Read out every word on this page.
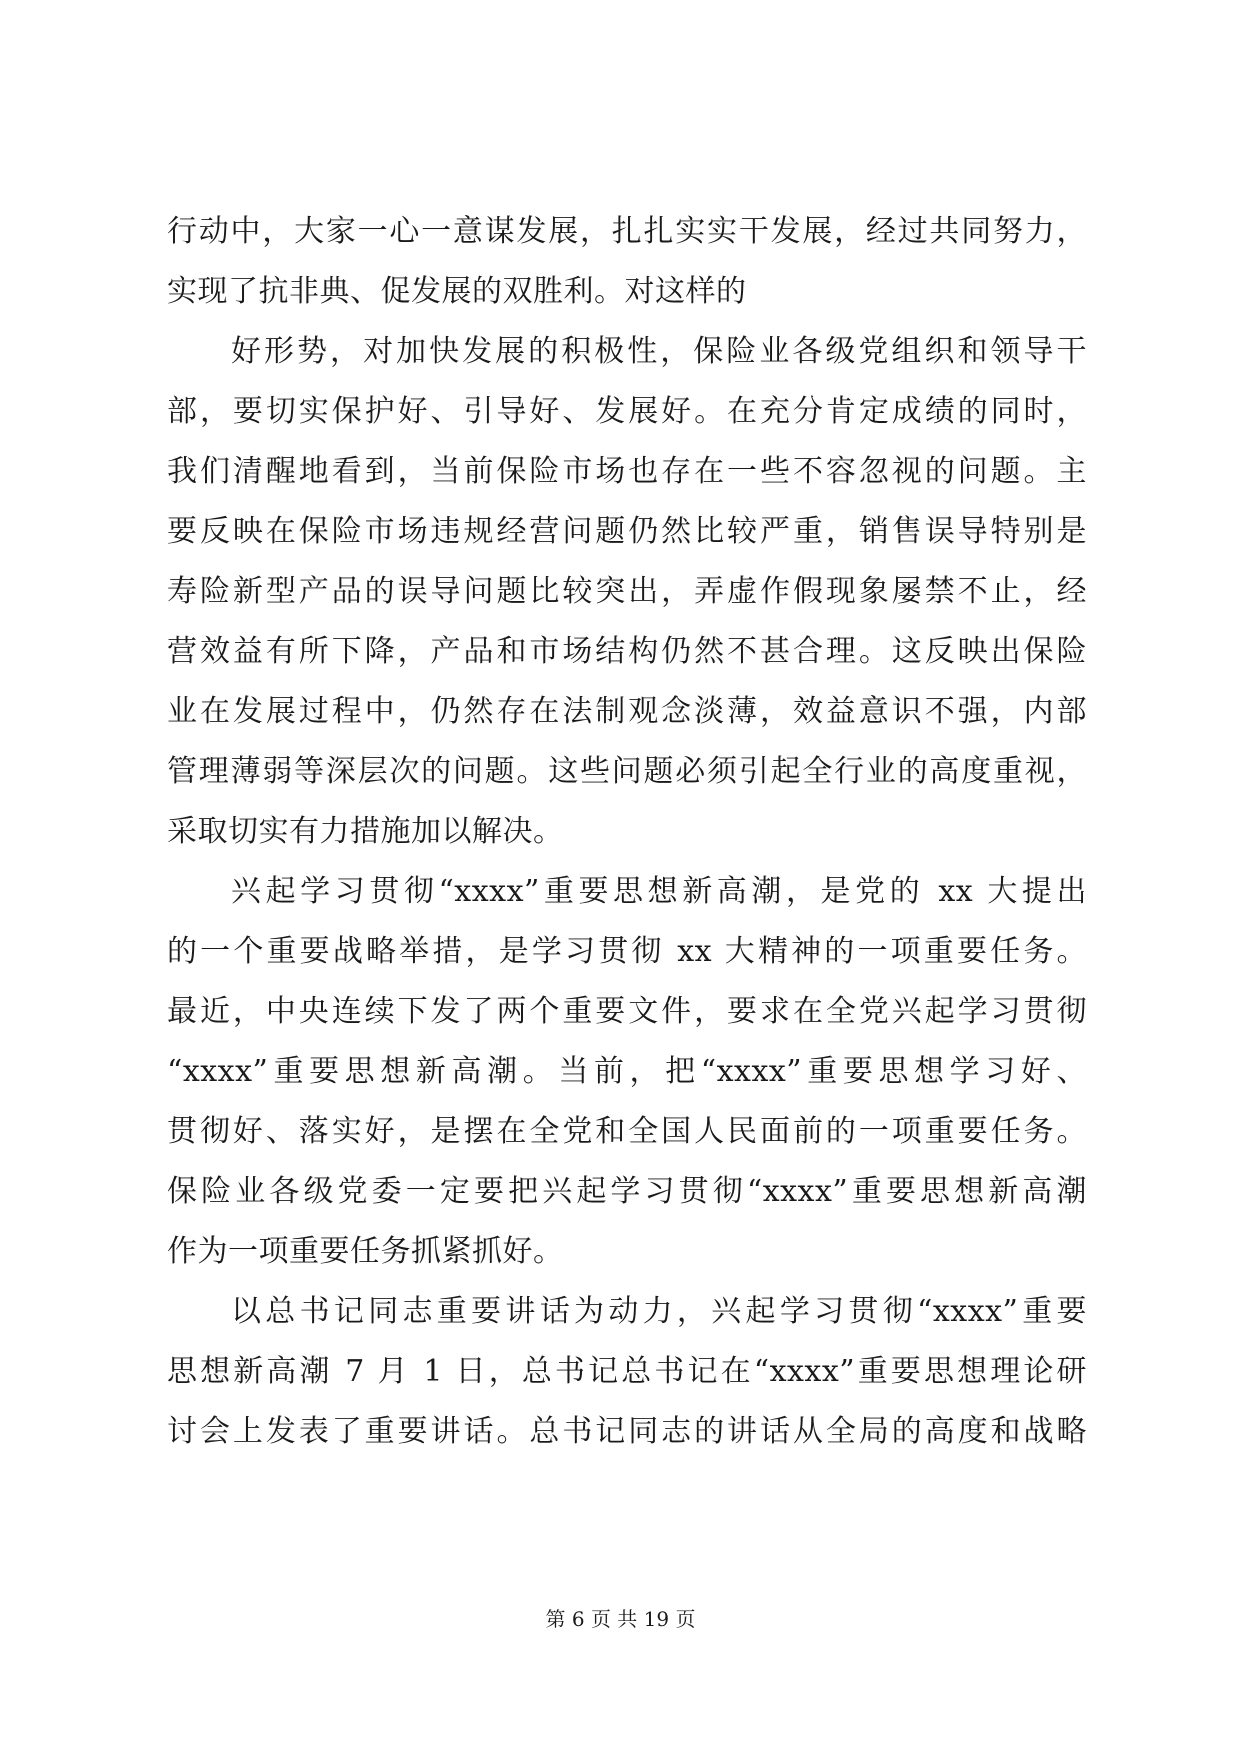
行动中，大家一心一意谋发展，扎扎实实干发展，经过共同努力，
实现了抗非典、促发展的双胜利。对这样的
好形势，对加快发展的积极性，保险业各级党组织和领导干
部，要切实保护好、引导好、发展好。在充分肯定成绩的同时，
我们清醒地看到，当前保险市场也存在一些不容忽视的问题。主
要反映在保险市场违规经营问题仍然比较严重，销售误导特别是
寿险新型产品的误导问题比较突出，弄虚作假现象屡禁不止，经
营效益有所下降，产品和市场结构仍然不甚合理。这反映出保险
业在发展过程中，仍然存在法制观念淡薄，效益意识不强，内部
管理薄弱等深层次的问题。这些问题必须引起全行业的高度重视，
采取切实有力措施加以解决。
兴起学习贯彻“xxxx”重要思想新高潮，是党的 xx 大提出
的一个重要战略举措，是学习贯彻 xx 大精神的一项重要任务。
最近，中央连续下发了两个重要文件，要求在全党兴起学习贯彻
“xxxx”重要思想新高潮。当前，把“xxxx”重要思想学习好、
贯彻好、落实好，是摆在全党和全国人民面前的一项重要任务。
保险业各级党委一定要把兴起学习贯彻“xxxx”重要思想新高潮
作为一项重要任务抓紧抓好。
以总书记同志重要讲话为动力，兴起学习贯彻“xxxx”重要
思想新高潮 7 月 1 日，总书记总书记在“xxxx”重要思想理论研
讨会上发表了重要讲话。总书记同志的讲话从全局的高度和战略
第 6 页 共 19 页
